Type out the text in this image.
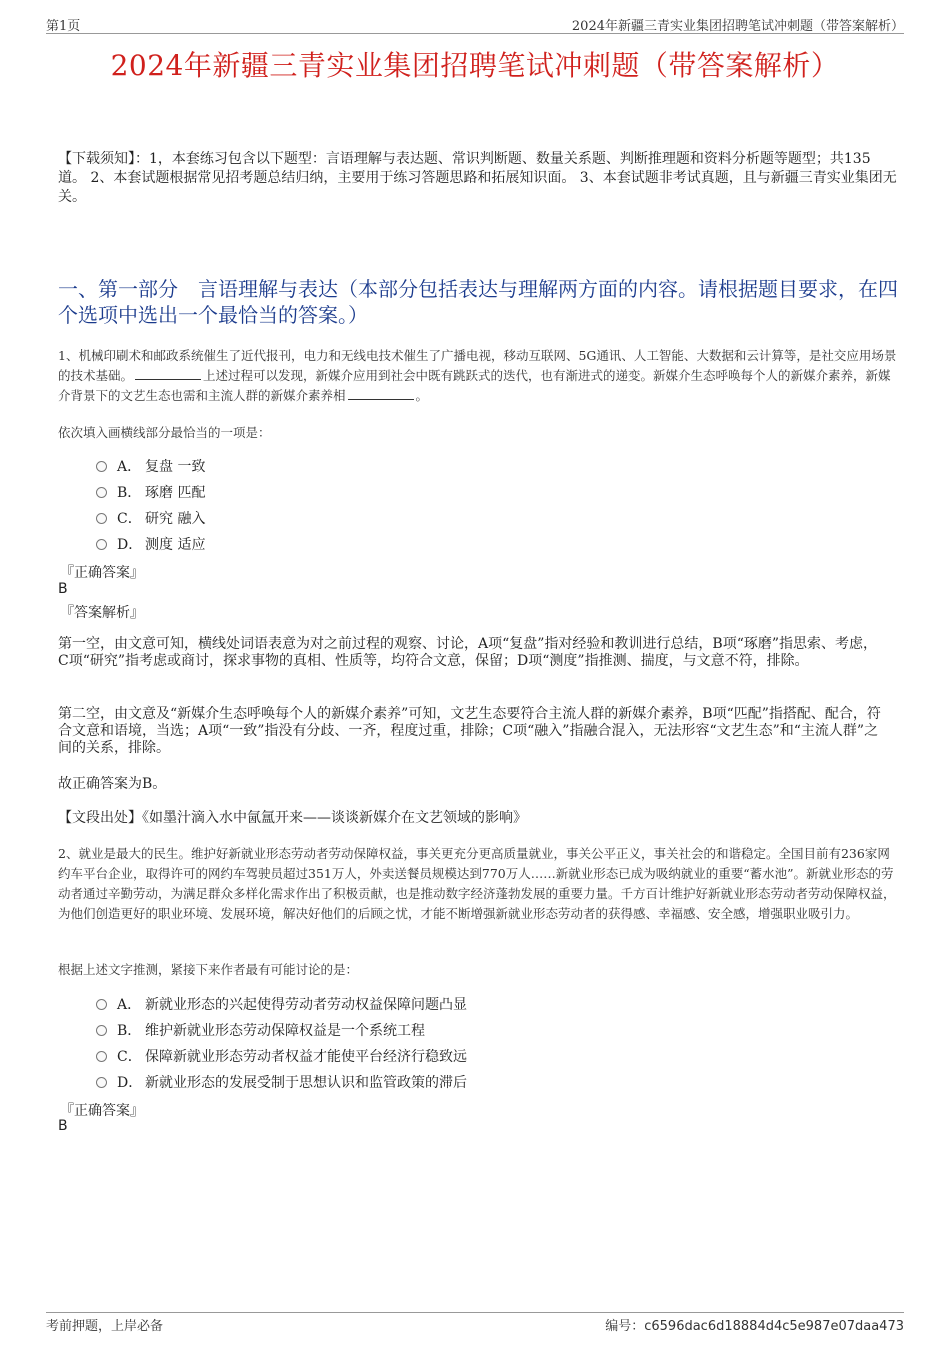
第1页	2024年新疆三青实业集团招聘笔试冲刺题（带答案解析）
2024年新疆三青实业集团招聘笔试冲刺题（带答案解析）
【下载须知】：1，本套练习包含以下题型：言语理解与表达题、常识判断题、数量关系题、判断推理题和资料分析题等题型；共135道。 2、本套试题根据常见招考题总结归纳，主要用于练习答题思路和拓展知识面。 3、本套试题非考试真题，且与新疆三青实业集团无关。
一、第一部分　言语理解与表达（本部分包括表达与理解两方面的内容。请根据题目要求，在四个选项中选出一个最恰当的答案。）
1、机械印刷术和邮政系统催生了近代报刊，电力和无线电技术催生了广播电视，移动互联网、5G通讯、人工智能、大数据和云计算等，是社交应用场景的技术基础。	上述过程可以发现，新媒介应用到社会中既有跳跃式的迭代，也有渐进式的递变。新媒介生态呼唤每个人的新媒介素养，新媒介背景下的文艺生态也需和主流人群的新媒介素养相	。
依次填入画横线部分最恰当的一项是：
A． 复盘 一致
B． 琢磨 匹配
C． 研究 融入
D． 测度 适应
『正确答案』
B
『答案解析』
第一空，由文意可知，横线处词语表意为对之前过程的观察、讨论，A项“复盘”指对经验和教训进行总结，B项“琢磨”指思索、考虑，C项“研究”指考虑或商讨，探求事物的真相、性质等，均符合文意，保留；D项“测度”指推测、揣度，与文意不符，排除。
第二空，由文意及“新媒介生态呼唤每个人的新媒介素养”可知，文艺生态要符合主流人群的新媒介素养，B项“匹配”指搭配、配合，符合文意和语境，当选；A项“一致”指没有分歧、一齐，程度过重，排除；C项“融入”指融合混入，无法形容“文艺生态”和“主流人群”之间的关系，排除。
故正确答案为B。
【文段出处】《如墨汁滴入水中氤氲开来——谈谈新媒介在文艺领域的影响》
2、就业是最大的民生。维护好新就业形态劳动者劳动保障权益，事关更充分更高质量就业，事关公平正义，事关社会的和谐稳定。全国目前有236家网约车平台企业，取得许可的网约车驾驶员超过351万人，外卖送餐员规模达到770万人……新就业形态已成为吸纳就业的重要“蓄水池”。新就业形态的劳动者通过辛勤劳动，为满足群众多样化需求作出了积极贡献，也是推动数字经济蓬勃发展的重要力量。千方百计维护好新就业形态劳动者劳动保障权益，为他们创造更好的职业环境、发展环境，解决好他们的后顾之忧，才能不断增强新就业形态劳动者的获得感、幸福感、安全感，增强职业吸引力。
根据上述文字推测，紧接下来作者最有可能讨论的是：
A． 新就业形态的兴起使得劳动者劳动权益保障问题凸显
B． 维护新就业形态劳动保障权益是一个系统工程
C． 保障新就业形态劳动者权益才能使平台经济行稳致远
D． 新就业形态的发展受制于思想认识和监管政策的滞后
『正确答案』
B
考前押题，上岸必备	编号：c6596dac6d18884d4c5e987e07daa473
